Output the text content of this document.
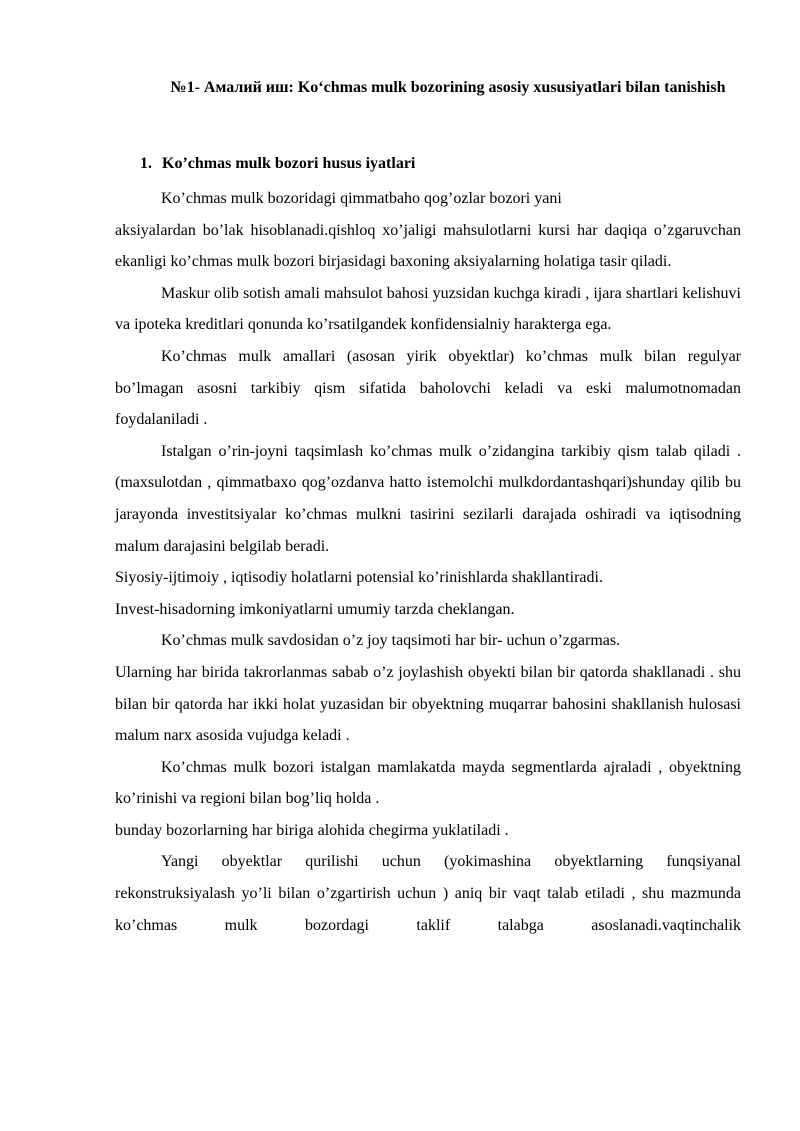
№1- Амалий иш: Ko‘chmas mulk bozorining asosiy xususiyatlari bilan tanishish
1. Ko’chmas mulk bozori husus iyatlari

Ko’chmas mulk bozoridagi qimmatbaho qog’ozlar bozori yani

aksiyalardan bo’lak hisoblanadi.qishloq xo’jaligi mahsulotlarni kursi har daqiqa o’zgaruvchan ekanligi ko’chmas mulk bozori birjasidagi baxoning aksiyalarning holatiga tasir qiladi.

Maskur olib sotish amali mahsulot bahosi yuzsidan kuchga kiradi , ijara shartlari kelishuvi va ipoteka kreditlari qonunda ko’rsatilgandek konfidensialniy harakterga ega.

Ko’chmas mulk amallari (asosan yirik obyektlar) ko’chmas mulk bilan regulyar bo’lmagan asosni tarkibiy qism sifatida baholovchi keladi va eski malumotnomadan foydalaniladi .

Istalgan o’rin-joyni taqsimlash ko’chmas mulk o’zidangina tarkibiy qism talab qiladi .(maxsulotdan , qimmatbaxo qog’ozdanva hatto istemolchi mulkdordantashqari)shunday qilib bu jarayonda investitsiyalar ko’chmas mulkni tasirini sezilarli darajada oshiradi va iqtisodning malum darajasini belgilab beradi.

Siyosiy-ijtimoiy , iqtisodiy holatlarni potensial ko’rinishlarda shakllantiradi.

Invest-hisadorning imkoniyatlarni umumiy tarzda cheklangan.

Ko’chmas mulk savdosidan o’z joy taqsimoti har bir- uchun o’zgarmas.

Ularning har birida takrorlanmas sabab o’z joylashish obyekti bilan bir qatorda shakllanadi . shu bilan bir qatorda har ikki holat yuzasidan bir obyektning muqarrar bahosini shakllanish hulosasi malum narx asosida vujudga keladi .

Ko’chmas mulk bozori istalgan mamlakatda mayda segmentlarda ajraladi , obyektning ko’rinishi va regioni bilan bog’liq holda .

bunday bozorlarning har biriga alohida chegirma yuklatiladi .

Yangi obyektlar qurilishi uchun (yokimashina obyektlarning funqsiyanal rekonstruksiyalash yo’li bilan o’zgartirish uchun ) aniq bir vaqt talab etiladi , shu mazmunda ko’chmas mulk bozordagi taklif talabga asoslanadi.vaqtinchalik
